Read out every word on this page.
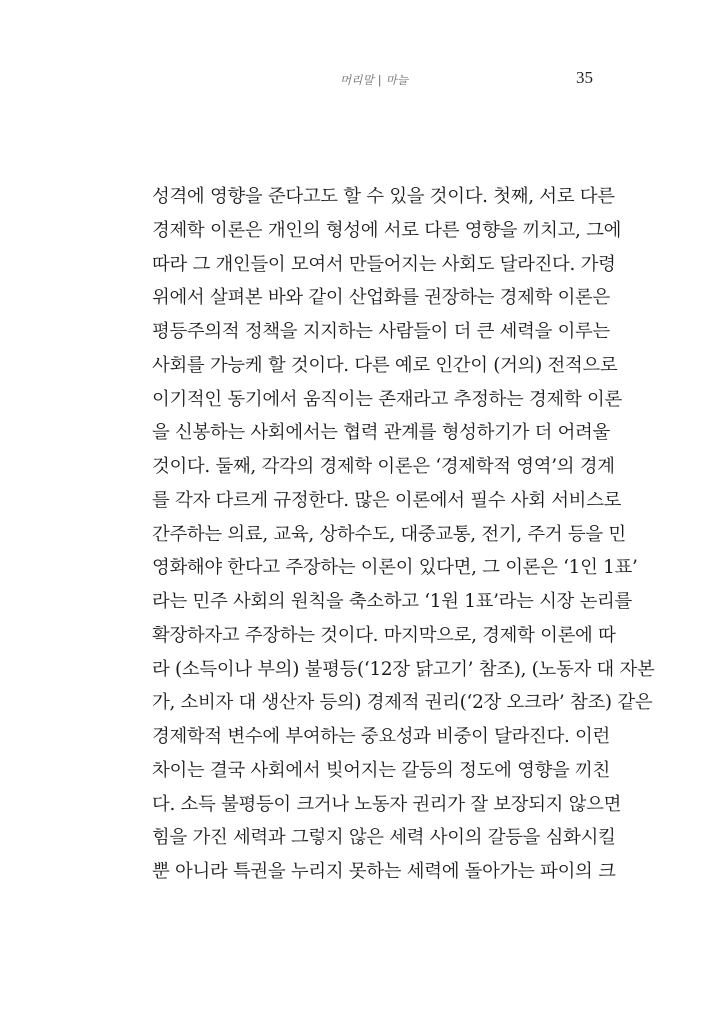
머리말 | 마늘	35
성격에 영향을 준다고도 할 수 있을 것이다. 첫째, 서로 다른
경제학 이론은 개인의 형성에 서로 다른 영향을 끼치고, 그에
따라 그 개인들이 모여서 만들어지는 사회도 달라진다. 가령
위에서 살펴본 바와 같이 산업화를 권장하는 경제학 이론은
평등주의적 정책을 지지하는 사람들이 더 큰 세력을 이루는
사회를 가능케 할 것이다. 다른 예로 인간이 (거의) 전적으로
이기적인 동기에서 움직이는 존재라고 추정하는 경제학 이론
을 신봉하는 사회에서는 협력 관계를 형성하기가 더 어려울
것이다. 둘째, 각각의 경제학 이론은 ‘경제학적 영역’의 경계
를 각자 다르게 규정한다. 많은 이론에서 필수 사회 서비스로
간주하는 의료, 교육, 상하수도, 대중교통, 전기, 주거 등을 민
영화해야 한다고 주장하는 이론이 있다면, 그 이론은 ‘1인 1표’
라는 민주 사회의 원칙을 축소하고 ‘1원 1표’라는 시장 논리를
확장하자고 주장하는 것이다. 마지막으로, 경제학 이론에 따
라 (소득이나 부의) 불평등(‘12장 닭고기’ 참조), (노동자 대 자본
가, 소비자 대 생산자 등의) 경제적 권리(‘2장 오크라’ 참조) 같은
경제학적 변수에 부여하는 중요성과 비중이 달라진다. 이런
차이는 결국 사회에서 빚어지는 갈등의 정도에 영향을 끼친
다. 소득 불평등이 크거나 노동자 권리가 잘 보장되지 않으면
힘을 가진 세력과 그렇지 않은 세력 사이의 갈등을 심화시킬
뿐 아니라 특권을 누리지 못하는 세력에 돌아가는 파이의 크
